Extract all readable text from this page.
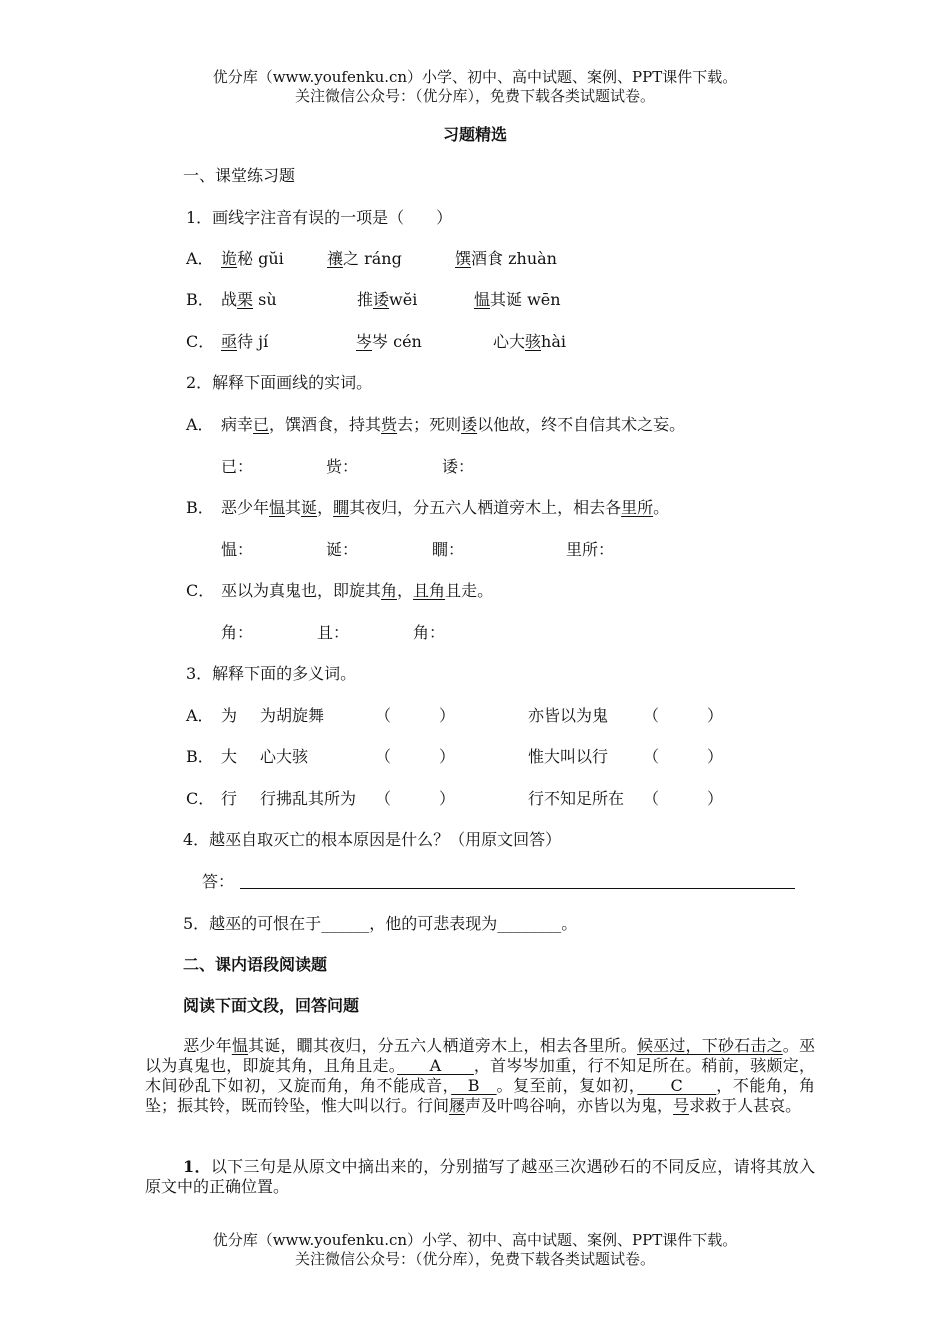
优分库（www.youfenku.cn）小学、初中、高中试题、案例、PPT课件下载。
关注微信公众号：（优分库），免费下载各类试题试卷。
习题精选
一、课堂练习题
1．画线字注音有误的一项是（　　）
A． 诡秘 gŭi	禳之 ráng	馔酒食 zhuàn
B． 战栗 sù	推诿wĕi	愠其诞 wēn
C． 亟待 jí	岑岑 cén	心大骇hài
2．解释下面画线的实词。
A． 病幸已，馔酒食，持其赀去；死则诿以他故，终不自信其术之妄。
已：	赀：	诿：
B． 恶少年愠其诞，瞯其夜归，分五六人栖道旁木上，相去各里所。
愠：	诞：	瞯：	里所：
C． 巫以为真鬼也，即旋其角，且角且走。
角：	且：	角：
3．解释下面的多义词。
A． 为 为胡旋舞	（　　　）	亦皆以为鬼 （　　　）
B． 大 心大骇	（　　　）	惟大叫以行 （　　　）
C． 行 行拂乱其所为 （　　　）	行不知足所在 （　　　）
4．越巫自取灭亡的根本原因是什么？（用原文回答）
答：
5．越巫的可恨在于______，他的可悲表现为________。
二、课内语段阅读题
阅读下面文段，回答问题
恶少年愠其诞，瞯其夜归，分五六人栖道旁木上，相去各里所。候巫过，下砂石击之。巫以为真鬼也，即旋其角，且角且走。　　A　　，首岑岑加重，行不知足所在。稍前，骇颇定，木间砂乱下如初，又旋而角，角不能成音，　B　。复至前，复如初，　　C　　，不能角，角坠；振其铃，既而铃坠，惟大叫以行。行间屦声及叶鸣谷响，亦皆以为鬼，号求救于人甚哀。
1．以下三句是从原文中摘出来的，分别描写了越巫三次遇砂石的不同反应，请将其放入原文中的正确位置。
优分库（www.youfenku.cn）小学、初中、高中试题、案例、PPT课件下载。
关注微信公众号：（优分库），免费下载各类试题试卷。
